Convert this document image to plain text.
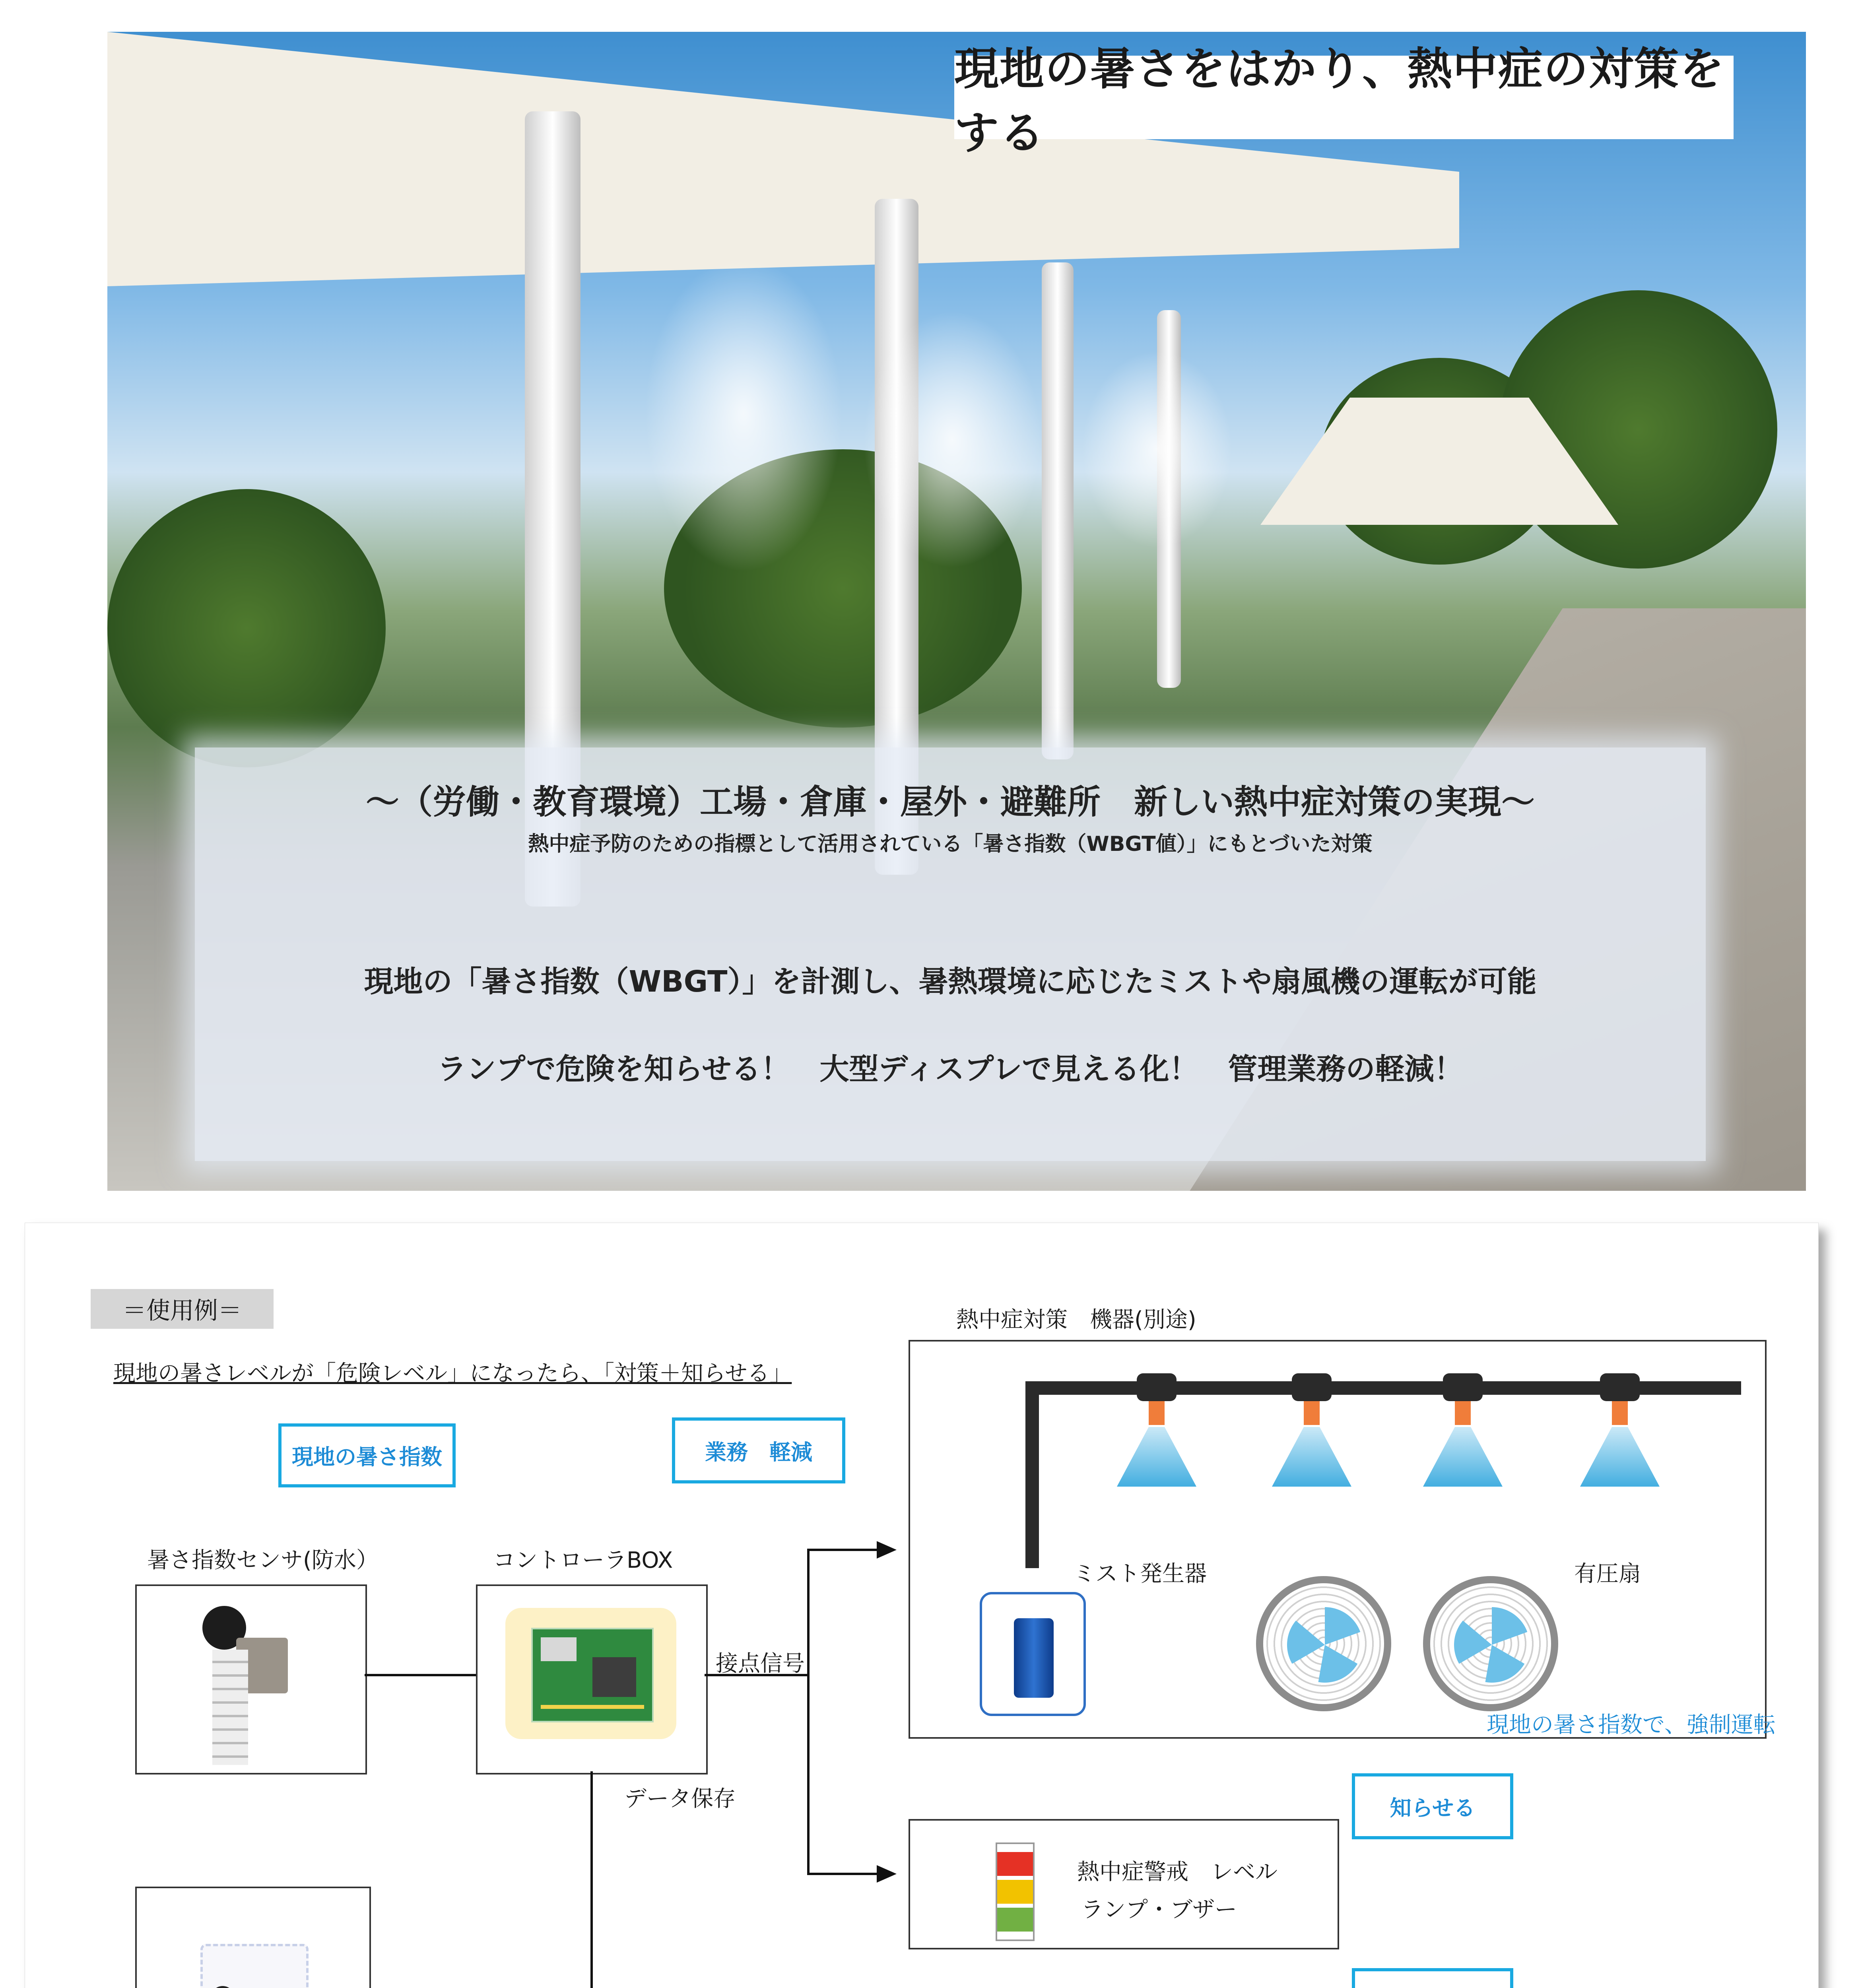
現地の暑さをはかり、熱中症の対策をする
～（労働・教育環境）工場・倉庫・屋外・避難所　新しい熱中症対策の実現～
熱中症予防のための指標として活用されている「暑さ指数（WBGT値）」にもとづいた対策
現地の「暑さ指数（WBGT）」を計測し、暑熱環境に応じたミストや扇風機の運転が可能
ランプで危険を知らせる！　大型ディスプレで見える化！　管理業務の軽減！
＝使用例＝
現地の暑さレベルが「危険レベル」になったら、「対策＋知らせる」
現地の暑さ指数	業務　軽減
暑さ指数センサ(防水）	コントローラBOX
接点信号
データ保存
熱中症対策　機器(別途)
ミスト発生器	有圧扇
現地の暑さ指数で、強制運転
知らせる
熱中症警戒　レベル
ランプ・ブザー
